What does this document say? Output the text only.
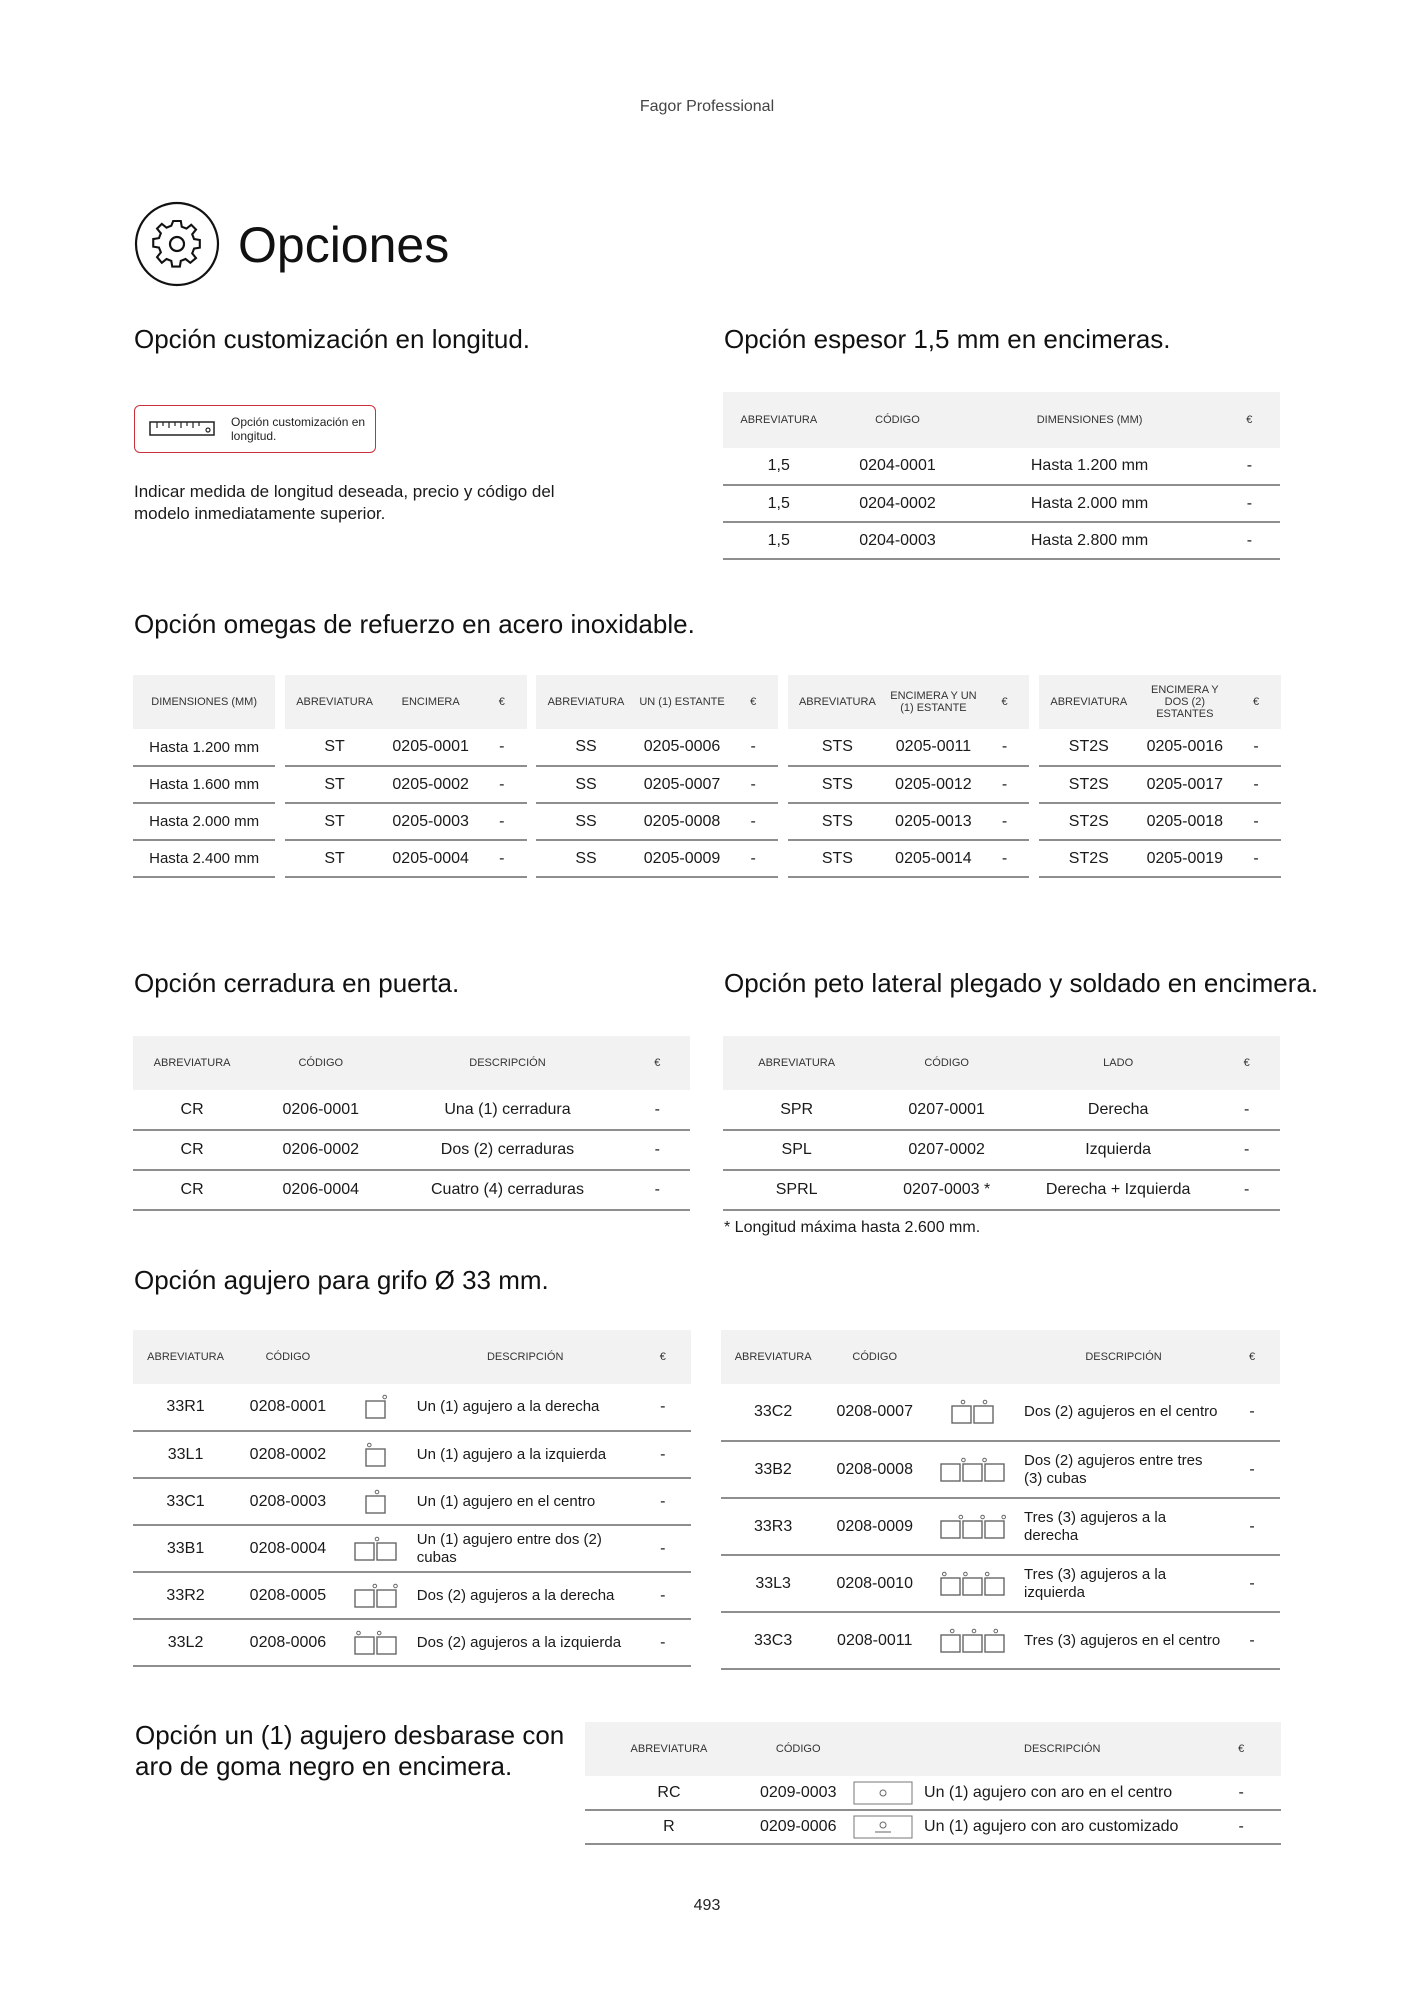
Fagor Professional
Opciones
Opción customización en longitud.
Opción customización en longitud.
Indicar medida de longitud deseada, precio y código del modelo inmediatamente superior.
Opción espesor 1,5 mm en encimeras.
ABREVIATURA	CÓDIGO	DIMENSIONES (MM)	€
1,5	0204-0001	Hasta 1.200 mm	-
1,5	0204-0002	Hasta 2.000 mm	-
1,5	0204-0003	Hasta 2.800 mm	-
Opción omegas de refuerzo en acero inoxidable.
DIMENSIONES (MM)		ABREVIATURA	ENCIMERA	€		ABREVIATURA	UN (1) ESTANTE	€		ABREVIATURA	ENCIMERA Y UN (1) ESTANTE	€		ABREVIATURA	ENCIMERA Y DOS (2) ESTANTES	€
Hasta 1.200 mm		ST	0205-0001	-		SS	0205-0006	-		STS	0205-0011	-		ST2S	0205-0016	-
Hasta 1.600 mm		ST	0205-0002	-		SS	0205-0007	-		STS	0205-0012	-		ST2S	0205-0017	-
Hasta 2.000 mm		ST	0205-0003	-		SS	0205-0008	-		STS	0205-0013	-		ST2S	0205-0018	-
Hasta 2.400 mm		ST	0205-0004	-		SS	0205-0009	-		STS	0205-0014	-		ST2S	0205-0019	-
Opción cerradura en puerta.
ABREVIATURA	CÓDIGO	DESCRIPCIÓN	€
CR	0206-0001	Una (1) cerradura	-
CR	0206-0002	Dos (2) cerraduras	-
CR	0206-0004	Cuatro (4) cerraduras	-
Opción peto lateral plegado y soldado en encimera.
ABREVIATURA	CÓDIGO	LADO	€
SPR	0207-0001	Derecha	-
SPL	0207-0002	Izquierda	-
SPRL	0207-0003 *	Derecha + Izquierda	-
* Longitud máxima hasta 2.600 mm.
Opción agujero para grifo Ø 33 mm.
ABREVIATURA	CÓDIGO		DESCRIPCIÓN	€
33R1	0208-0001		Un (1) agujero a la derecha	-
33L1	0208-0002		Un (1) agujero a la izquierda	-
33C1	0208-0003		Un (1) agujero en el centro	-
33B1	0208-0004		Un (1) agujero entre dos (2) cubas	-
33R2	0208-0005		Dos (2) agujeros a la derecha	-
33L2	0208-0006		Dos (2) agujeros a la izquierda	-
ABREVIATURA	CÓDIGO		DESCRIPCIÓN	€
33C2	0208-0007		Dos (2) agujeros en el centro	-
33B2	0208-0008		Dos (2) agujeros entre tres (3) cubas	-
33R3	0208-0009		Tres (3) agujeros a la derecha	-
33L3	0208-0010		Tres (3) agujeros a la izquierda	-
33C3	0208-0011		Tres (3) agujeros en el centro	-
Opción un (1) agujero desbarase con aro de goma negro en encimera.
ABREVIATURA	CÓDIGO		DESCRIPCIÓN	€
RC	0209-0003		Un (1) agujero con aro en el centro	-
R	0209-0006		Un (1) agujero con aro customizado	-
493
